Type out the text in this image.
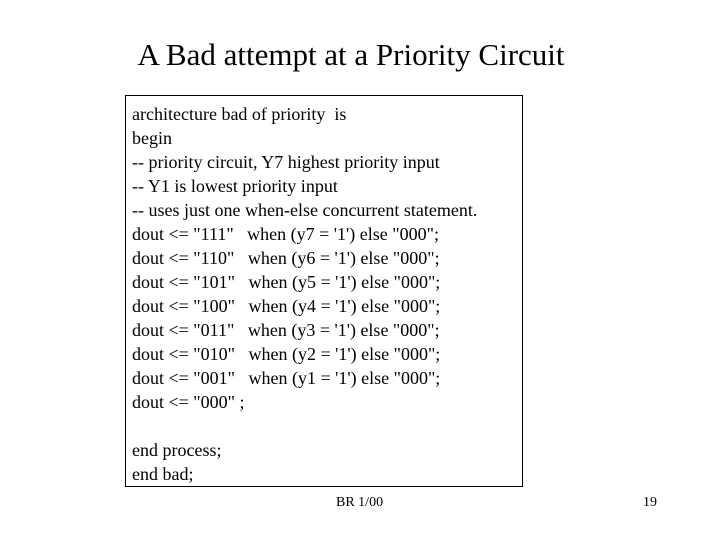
A Bad attempt at a Priority Circuit
architecture bad of priority  is
begin
-- priority circuit, Y7 highest priority input
-- Y1 is lowest priority input
-- uses just one when-else concurrent statement.
dout <= "111"   when (y7 = '1') else "000";
dout <= "110"   when (y6 = '1') else "000";
dout <= "101"   when (y5 = '1') else "000";
dout <= "100"   when (y4 = '1') else "000";
dout <= "011"   when (y3 = '1') else "000";
dout <= "010"   when (y2 = '1') else "000";
dout <= "001"   when (y1 = '1') else "000";
dout <= "000" ;
end process;
end bad;
BR 1/00	19
